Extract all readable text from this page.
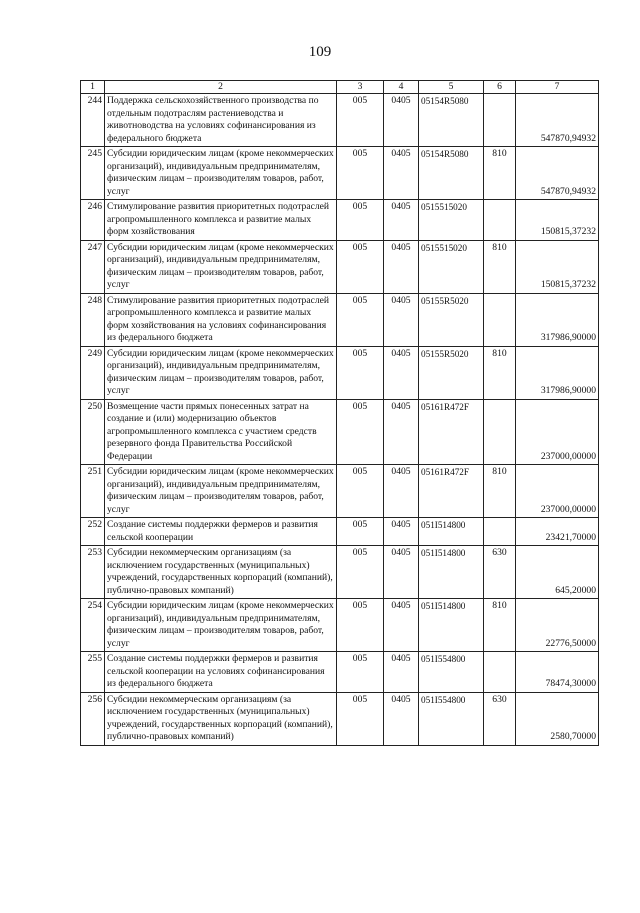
109
1	2	3	4	5	6	7
244	Поддержка сельскохозяйственного производства по отдельным подотраслям растениеводства и животноводства на условиях софинансирования из федерального бюджета	005	0405	05154R5080		547870,94932
245	Субсидии юридическим лицам (кроме некоммерческих организаций), индивидуальным предпринимателям, физическим лицам – производителям товаров, работ, услуг	005	0405	05154R5080	810	547870,94932
246	Стимулирование развития приоритетных подотраслей агропромышленного комплекса и развитие малых форм хозяйствования	005	0405	0515515020		150815,37232
247	Субсидии юридическим лицам (кроме некоммерческих организаций), индивидуальным предпринимателям, физическим лицам – производителям товаров, работ, услуг	005	0405	0515515020	810	150815,37232
248	Стимулирование развития приоритетных подотраслей агропромышленного комплекса и развитие малых форм хозяйствования на условиях софинансирования из федерального бюджета	005	0405	05155R5020		317986,90000
249	Субсидии юридическим лицам (кроме некоммерческих организаций), индивидуальным предпринимателям, физическим лицам – производителям товаров, работ, услуг	005	0405	05155R5020	810	317986,90000
250	Возмещение части прямых понесенных затрат на создание и (или) модернизацию объектов агропромышленного комплекса с участием средств резервного фонда Правительства Российской Федерации	005	0405	05161R472F		237000,00000
251	Субсидии юридическим лицам (кроме некоммерческих организаций), индивидуальным предпринимателям, физическим лицам – производителям товаров, работ, услуг	005	0405	05161R472F	810	237000,00000
252	Создание системы поддержки фермеров и развития сельской кооперации	005	0405	051I514800		23421,70000
253	Субсидии некоммерческим организациям (за исключением государственных (муниципальных) учреждений, государственных корпораций (компаний), публично-правовых компаний)	005	0405	051I514800	630	645,20000
254	Субсидии юридическим лицам (кроме некоммерческих организаций), индивидуальным предпринимателям, физическим лицам – производителям товаров, работ, услуг	005	0405	051I514800	810	22776,50000
255	Создание системы поддержки фермеров и развития сельской кооперации на условиях софинансирования из федерального бюджета	005	0405	051I554800		78474,30000
256	Субсидии некоммерческим организациям (за исключением государственных (муниципальных) учреждений, государственных корпораций (компаний), публично-правовых компаний)	005	0405	051I554800	630	2580,70000
